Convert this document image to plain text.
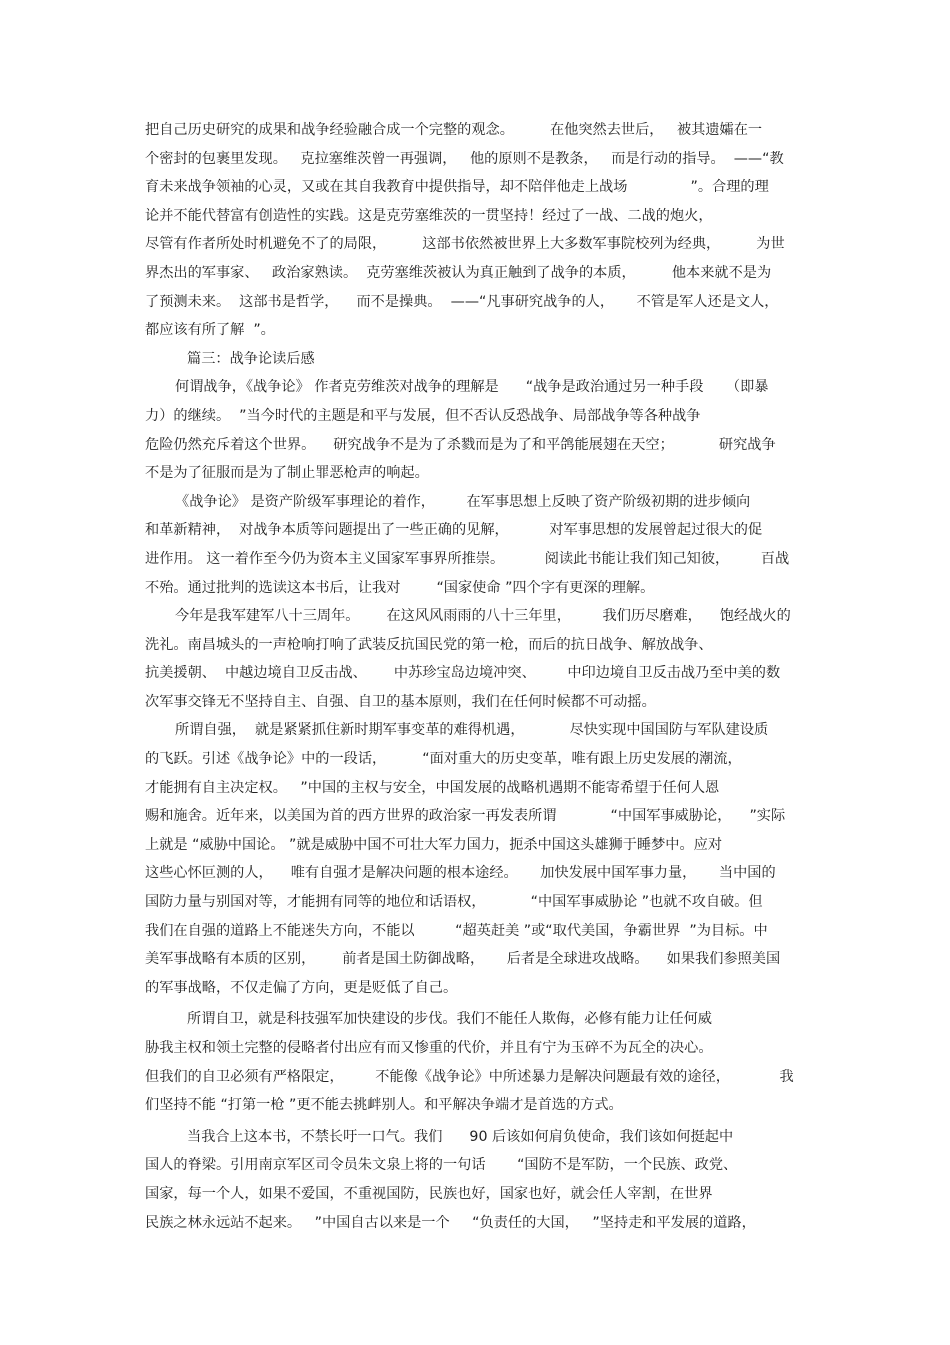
把自己历史研究的成果和战争经验融合成一个完整的观念。        在他突然去世后，   被其遗孀在一
个密封的包裹里发现。   克拉塞维茨曾一再强调，   他的原则不是教条，   而是行动的指导。  ——“教
育未来战争领袖的心灵，又或在其自我教育中提供指导，却不陪伴他走上战场              ”。合理的理
论并不能代替富有创造性的实践。这是克劳塞维茨的一贯坚持！经过了一战、二战的炮火，
尽管有作者所处时机避免不了的局限，        这部书依然被世界上大多数军事院校列为经典，        为世
界杰出的军事家、   政治家熟读。  克劳塞维茨被认为真正触到了战争的本质，        他本来就不是为
了预测未来。  这部书是哲学，    而不是操典。  ——“凡事研究战争的人，     不管是军人还是文人，
都应该有所了解  ”。
篇三：战争论读后感
何谓战争，《战争论》 作者克劳维茨对战争的理解是      “战争是政治通过另一种手段     （即暴
力）的继续。  ”当今时代的主题是和平与发展，但不否认反恐战争、局部战争等各种战争
危险仍然充斥着这个世界。    研究战争不是为了杀戮而是为了和平鸽能展翅在天空；          研究战争
不是为了征服而是为了制止罪恶枪声的响起。
《战争论》 是资产阶级军事理论的着作，       在军事思想上反映了资产阶级初期的进步倾向
和革新精神，  对战争本质等问题提出了一些正确的见解，         对军事思想的发展曾起过很大的促
进作用。 这一着作至今仍为资本主义国家军事界所推崇。         阅读此书能让我们知己知彼，       百战
不殆。通过批判的选读这本书后，让我对        “国家使命 ”四个字有更深的理解。
今年是我军建军八十三周年。      在这风风雨雨的八十三年里，       我们历尽磨难，    饱经战火的
洗礼。南昌城头的一声枪响打响了武装反抗国民党的第一枪，而后的抗日战争、解放战争、
抗美援朝、  中越边境自卫反击战、      中苏珍宝岛边境冲突、       中印边境自卫反击战乃至中美的数
次军事交锋无不坚持自主、自强、自卫的基本原则，我们在任何时候都不可动摇。
所谓自强，  就是紧紧抓住新时期军事变革的难得机遇，          尽快实现中国国防与军队建设质
的飞跃。引述《战争论》中的一段话，        “面对重大的历史变革，唯有跟上历史发展的潮流，
才能拥有自主决定权。   ”中国的主权与安全，中国发展的战略机遇期不能寄希望于任何人恩
赐和施舍。近年来，以美国为首的西方世界的政治家一再发表所谓            “中国军事威胁论，    ”实际
上就是 “威胁中国论。 ”就是威胁中国不可壮大军力国力，扼杀中国这头雄狮于睡梦中。应对
这些心怀叵测的人，    唯有自强才是解决问题的根本途经。     加快发展中国军事力量，     当中国的
国防力量与别国对等，才能拥有同等的地位和话语权，          “中国军事威胁论 ”也就不攻自破。但
我们在自强的道路上不能迷失方向，不能以         “超英赶美 ”或“取代美国，争霸世界  ”为目标。中
美军事战略有本质的区别，      前者是国土防御战略，     后者是全球进攻战略。    如果我们参照美国
的军事战略，不仅走偏了方向，更是贬低了自己。
所谓自卫，就是科技强军加快建设的步伐。我们不能任人欺侮，必修有能力让任何威
胁我主权和领土完整的侵略者付出应有而又惨重的代价，并且有宁为玉碎不为瓦全的决心。
但我们的自卫必须有严格限定，       不能像《战争论》中所述暴力是解决问题最有效的途径，           我
们坚持不能 “打第一枪 ”更不能去挑衅别人。和平解决争端才是首选的方式。
当我合上这本书，不禁长吁一口气。我们      90 后该如何肩负使命，我们该如何挺起中
国人的脊梁。引用南京军区司令员朱文泉上将的一句话       “国防不是军防，一个民族、政党、
国家，每一个人，如果不爱国，不重视国防，民族也好，国家也好，就会任人宰割，在世界
民族之林永远站不起来。   ”中国自古以来是一个     “负责任的大国，   ”坚持走和平发展的道路，
